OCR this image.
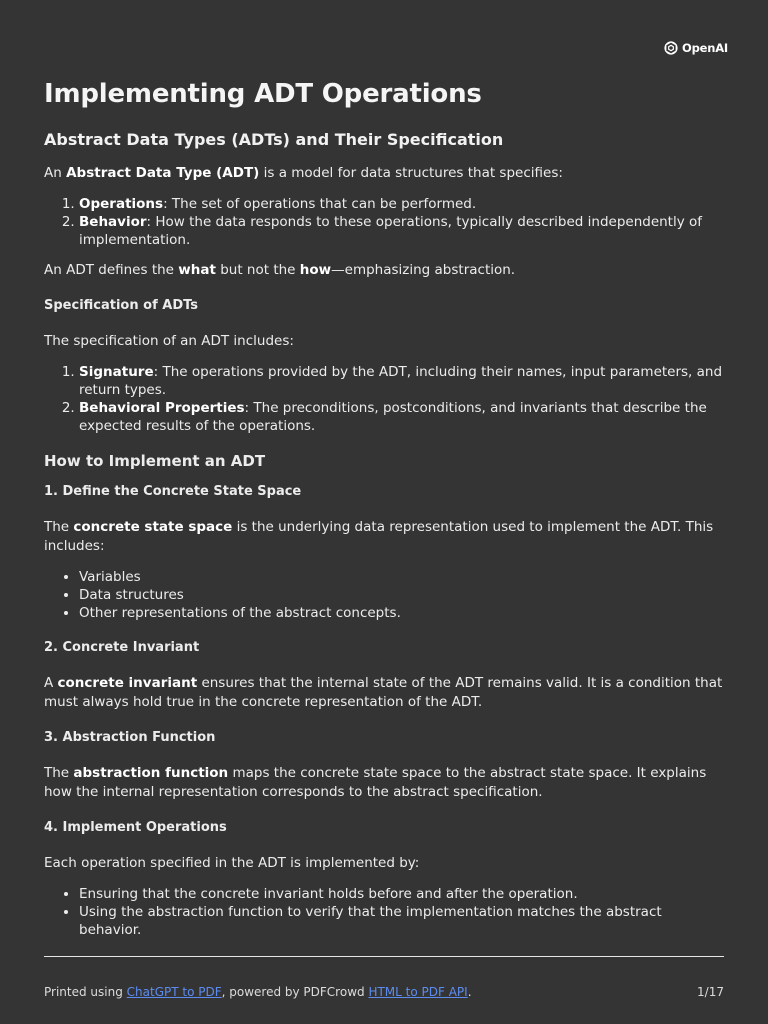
OpenAI
Implementing ADT Operations
Abstract Data Types (ADTs) and Their Specification

An Abstract Data Type (ADT) is a model for data structures that specifies:

1. Operations: The set of operations that can be performed.
2. Behavior: How the data responds to these operations, typically described independently of implementation.

An ADT defines the what but not the how—emphasizing abstraction.

Specification of ADTs

The specification of an ADT includes:

1. Signature: The operations provided by the ADT, including their names, input parameters, and return types.
2. Behavioral Properties: The preconditions, postconditions, and invariants that describe the expected results of the operations.
How to Implement an ADT
1. Define the Concrete State Space

The concrete state space is the underlying data representation used to implement the ADT. This includes:

• Variables
• Data structures
• Other representations of the abstract concepts.
2. Concrete Invariant

A concrete invariant ensures that the internal state of the ADT remains valid. It is a condition that must always hold true in the concrete representation of the ADT.

3. Abstraction Function

The abstraction function maps the concrete state space to the abstract state space. It explains how the internal representation corresponds to the abstract specification.

4. Implement Operations

Each operation specified in the ADT is implemented by:

• Ensuring that the concrete invariant holds before and after the operation.
• Using the abstraction function to verify that the implementation matches the abstract behavior.
Printed using ChatGPT to PDF, powered by PDFCrowd HTML to PDF API.	1/17
